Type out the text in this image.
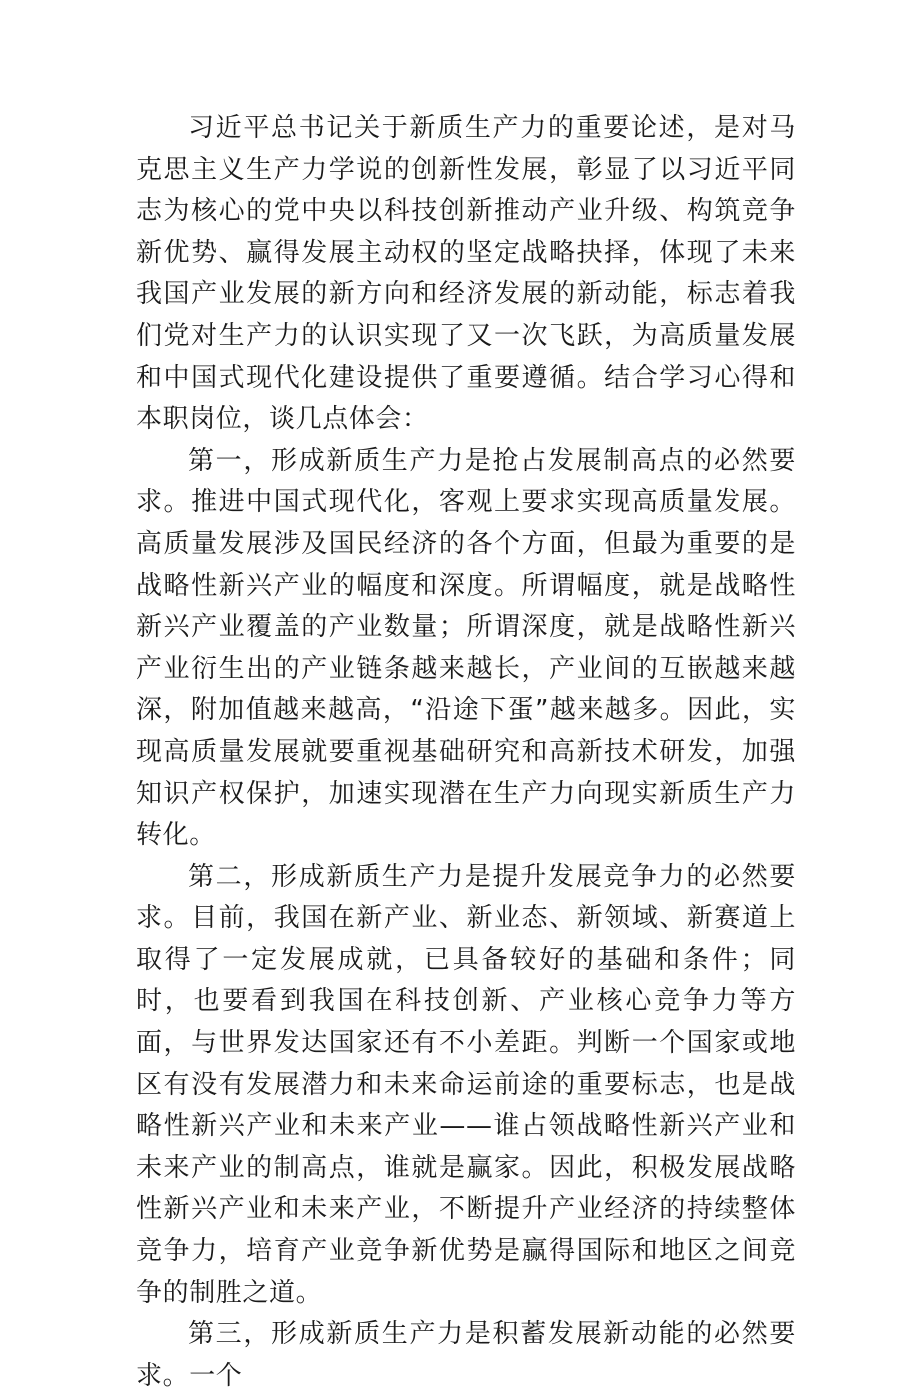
习近平总书记关于新质生产力的重要论述，是对马克思主义生产力学说的创新性发展，彰显了以习近平同志为核心的党中央以科技创新推动产业升级、构筑竞争新优势、赢得发展主动权的坚定战略抉择，体现了未来我国产业发展的新方向和经济发展的新动能，标志着我们党对生产力的认识实现了又一次飞跃，为高质量发展和中国式现代化建设提供了重要遵循。结合学习心得和本职岗位，谈几点体会：

第一，形成新质生产力是抢占发展制高点的必然要求。推进中国式现代化，客观上要求实现高质量发展。高质量发展涉及国民经济的各个方面，但最为重要的是战略性新兴产业的幅度和深度。所谓幅度，就是战略性新兴产业覆盖的产业数量；所谓深度，就是战略性新兴产业衍生出的产业链条越来越长，产业间的互嵌越来越深，附加值越来越高，“沿途下蛋”越来越多。因此，实现高质量发展就要重视基础研究和高新技术研发，加强知识产权保护，加速实现潜在生产力向现实新质生产力转化。

第二，形成新质生产力是提升发展竞争力的必然要求。目前，我国在新产业、新业态、新领域、新赛道上取得了一定发展成就，已具备较好的基础和条件；同时，也要看到我国在科技创新、产业核心竞争力等方面，与世界发达国家还有不小差距。判断一个国家或地区有没有发展潜力和未来命运前途的重要标志，也是战略性新兴产业和未来产业——谁占领战略性新兴产业和未来产业的制高点，谁就是赢家。因此，积极发展战略性新兴产业和未来产业，不断提升产业经济的持续整体竞争力，培育产业竞争新优势是赢得国际和地区之间竞争的制胜之道。

第三，形成新质生产力是积蓄发展新动能的必然要求。一个
